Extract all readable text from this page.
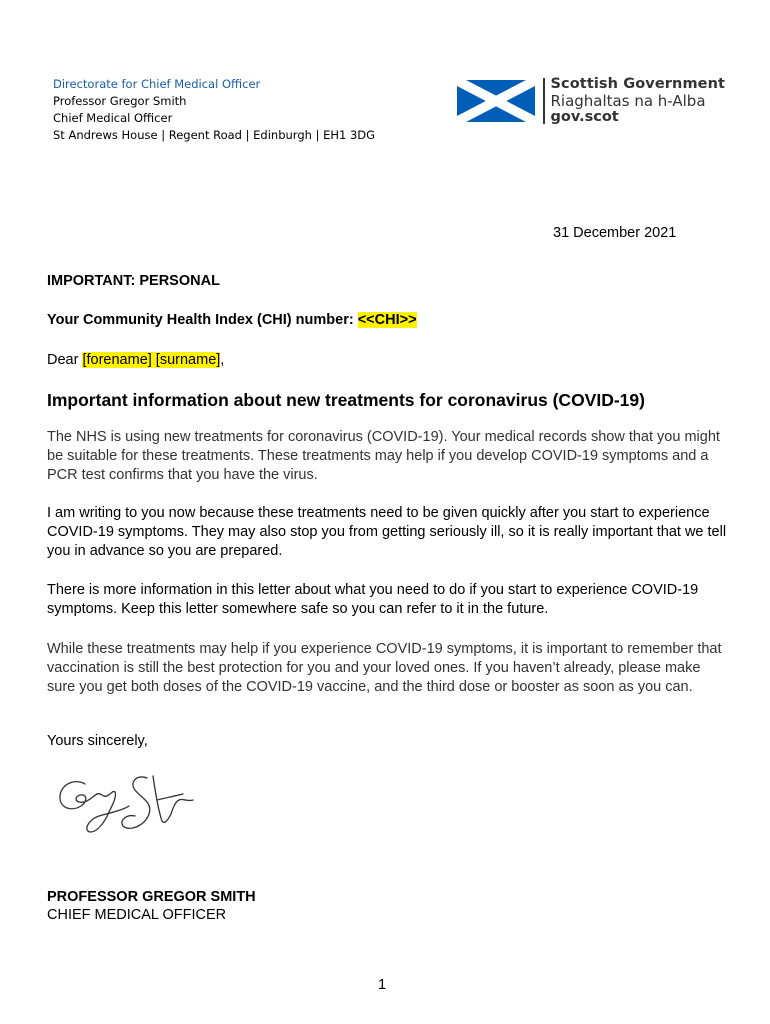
Directorate for Chief Medical Officer
Professor Gregor Smith
Chief Medical Officer
St Andrews House | Regent Road | Edinburgh | EH1 3DG
Scottish Government
Riaghaltas na h-Alba
gov.scot
31 December 2021
IMPORTANT: PERSONAL
Your Community Health Index (CHI) number: <<CHI>>
Dear [forename] [surname],
Important information about new treatments for coronavirus (COVID-19)

The NHS is using new treatments for coronavirus (COVID-19). Your medical records show that you might be suitable for these treatments. These treatments may help if you develop COVID-19 symptoms and a PCR test confirms that you have the virus.

I am writing to you now because these treatments need to be given quickly after you start to experience COVID-19 symptoms. They may also stop you from getting seriously ill, so it is really important that we tell you in advance so you are prepared.

There is more information in this letter about what you need to do if you start to experience COVID-19 symptoms. Keep this letter somewhere safe so you can refer to it in the future.

While these treatments may help if you experience COVID-19 symptoms, it is important to remember that vaccination is still the best protection for you and your loved ones. If you haven’t already, please make sure you get both doses of the COVID-19 vaccine, and the third dose or booster as soon as you can.

Yours sincerely,
PROFESSOR GREGOR SMITH
CHIEF MEDICAL OFFICER
1
